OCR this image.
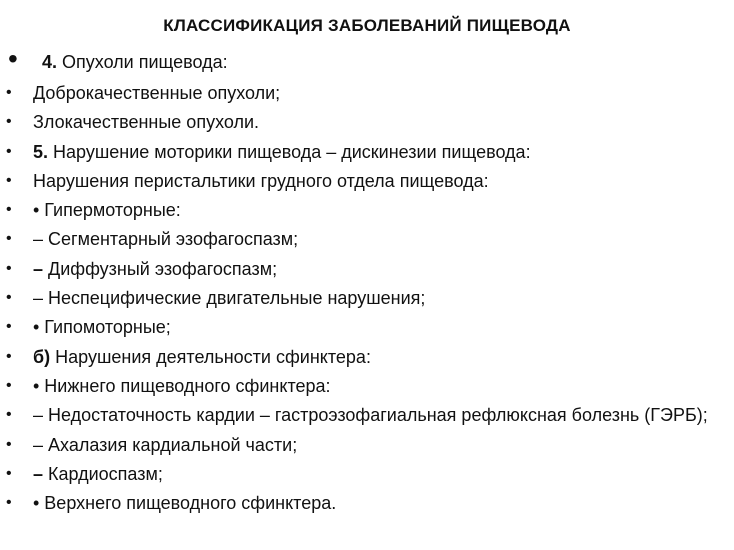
КЛАССИФИКАЦИЯ ЗАБОЛЕВАНИЙ ПИЩЕВОДА
• 4. Опухоли пищевода:
• Доброкачественные опухоли;
• Злокачественные опухоли.
• 5. Нарушение моторики пищевода – дискинезии пищевода:
• Нарушения перистальтики грудного отдела пищевода:
• • Гипермоторные:
• – Сегментарный эзофагоспазм;
• – Диффузный эзофагоспазм;
• – Неспецифические двигательные нарушения;
• • Гипомоторные;
• б) Нарушения деятельности сфинктера:
• • Нижнего пищеводного сфинктера:
• – Недостаточность кардии – гастроэзофагиальная рефлюксная болезнь (ГЭРБ);
• – Ахалазия кардиальной части;
• – Кардиоспазм;
• • Верхнего пищеводного сфинктера.
